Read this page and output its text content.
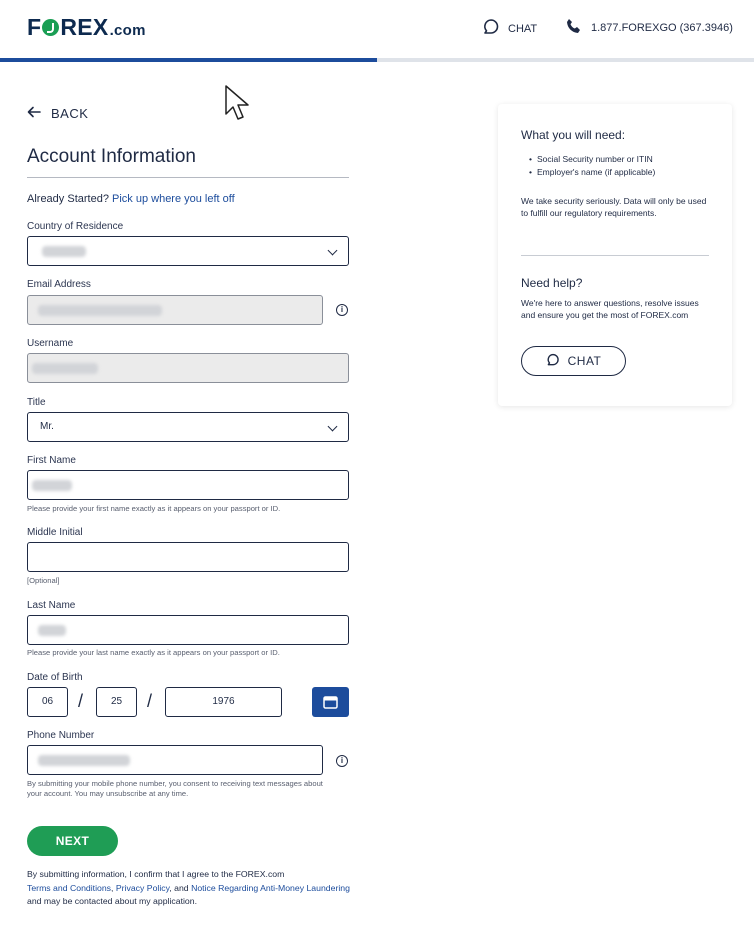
F REX.com	CHAT	1.877.FOREXGO (367.3946)
BACK
Account Information
Already Started? Pick up where you left off
Country of Residence
Email Address
i
Username
Title
Mr.
First Name
Please provide your first name exactly as it appears on your passport or ID.
Middle Initial
[Optional]
Last Name
Please provide your last name exactly as it appears on your passport or ID.
Date of Birth
06	/	25	/	1976
Phone Number
i
By submitting your mobile phone number, you consent to receiving text messages about your account. You may unsubscribe at any time.
NEXT
By submitting information, I confirm that I agree to the FOREX.com
Terms and Conditions, Privacy Policy, and Notice Regarding Anti-Money Laundering and may be contacted about my application.
What you will need:
• Social Security number or ITIN
• Employer's name (if applicable)
We take security seriously. Data will only be used to fulfill our regulatory requirements.
Need help?
We're here to answer questions, resolve issues and ensure you get the most of FOREX.com
CHAT
